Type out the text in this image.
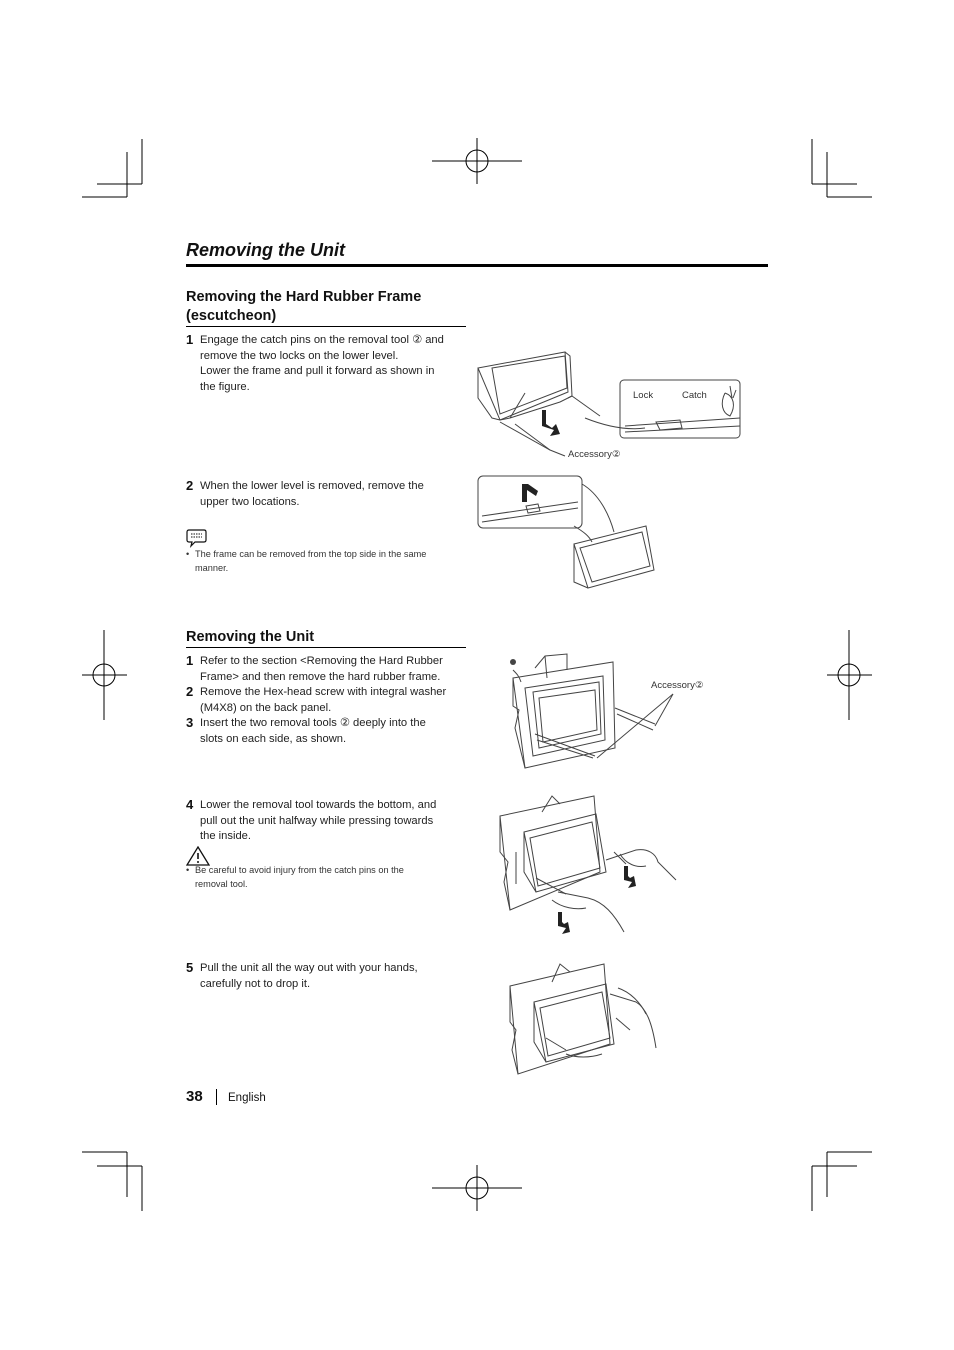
Removing the Unit
Removing the Hard Rubber Frame
(escutcheon)
1 Engage the catch pins on the removal tool ② and
remove the two locks on the lower level.
Lower the frame and pull it forward as shown in
the figure.
Lock	Catch
Accessory②
2 When the lower level is removed, remove the
upper two locations.
• The frame can be removed from the top side in the same
manner.
Removing the Unit
1 Refer to the section <Removing the Hard Rubber
Frame> and then remove the hard rubber frame.
2 Remove the Hex-head screw with integral washer
(M4X8) on the back panel.
3 Insert the two removal tools ② deeply into the
slots on each side, as shown.
Accessory②
4 Lower the removal tool towards the bottom, and
pull out the unit halfway while pressing towards
the inside.
• Be careful to avoid injury from the catch pins on the
removal tool.
5 Pull the unit all the way out with your hands,
carefully not to drop it.
38 English
